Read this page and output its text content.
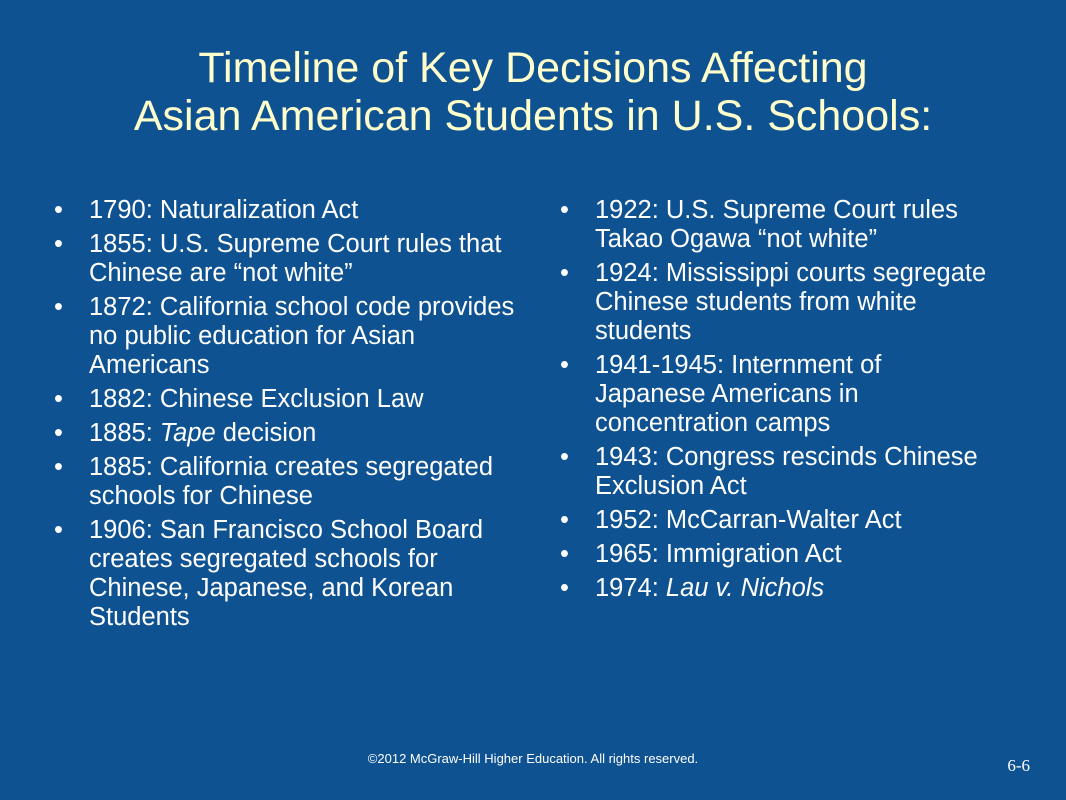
Timeline of Key Decisions Affecting
Asian American Students in U.S. Schools:
• 1790: Naturalization Act
• 1855: U.S. Supreme Court rules that Chinese are “not white”
• 1872: California school code provides no public education for Asian Americans
• 1882: Chinese Exclusion Law
• 1885: Tape decision
• 1885: California creates segregated schools for Chinese
• 1906: San Francisco School Board creates segregated schools for Chinese, Japanese, and Korean Students
• 1922: U.S. Supreme Court rules Takao Ogawa “not white”
• 1924: Mississippi courts segregate Chinese students from white students
• 1941-1945: Internment of Japanese Americans in concentration camps
• 1943: Congress rescinds Chinese Exclusion Act
• 1952: McCarran-Walter Act
• 1965: Immigration Act
• 1974: Lau v. Nichols
©2012 McGraw-Hill Higher Education. All rights reserved.	6-6
